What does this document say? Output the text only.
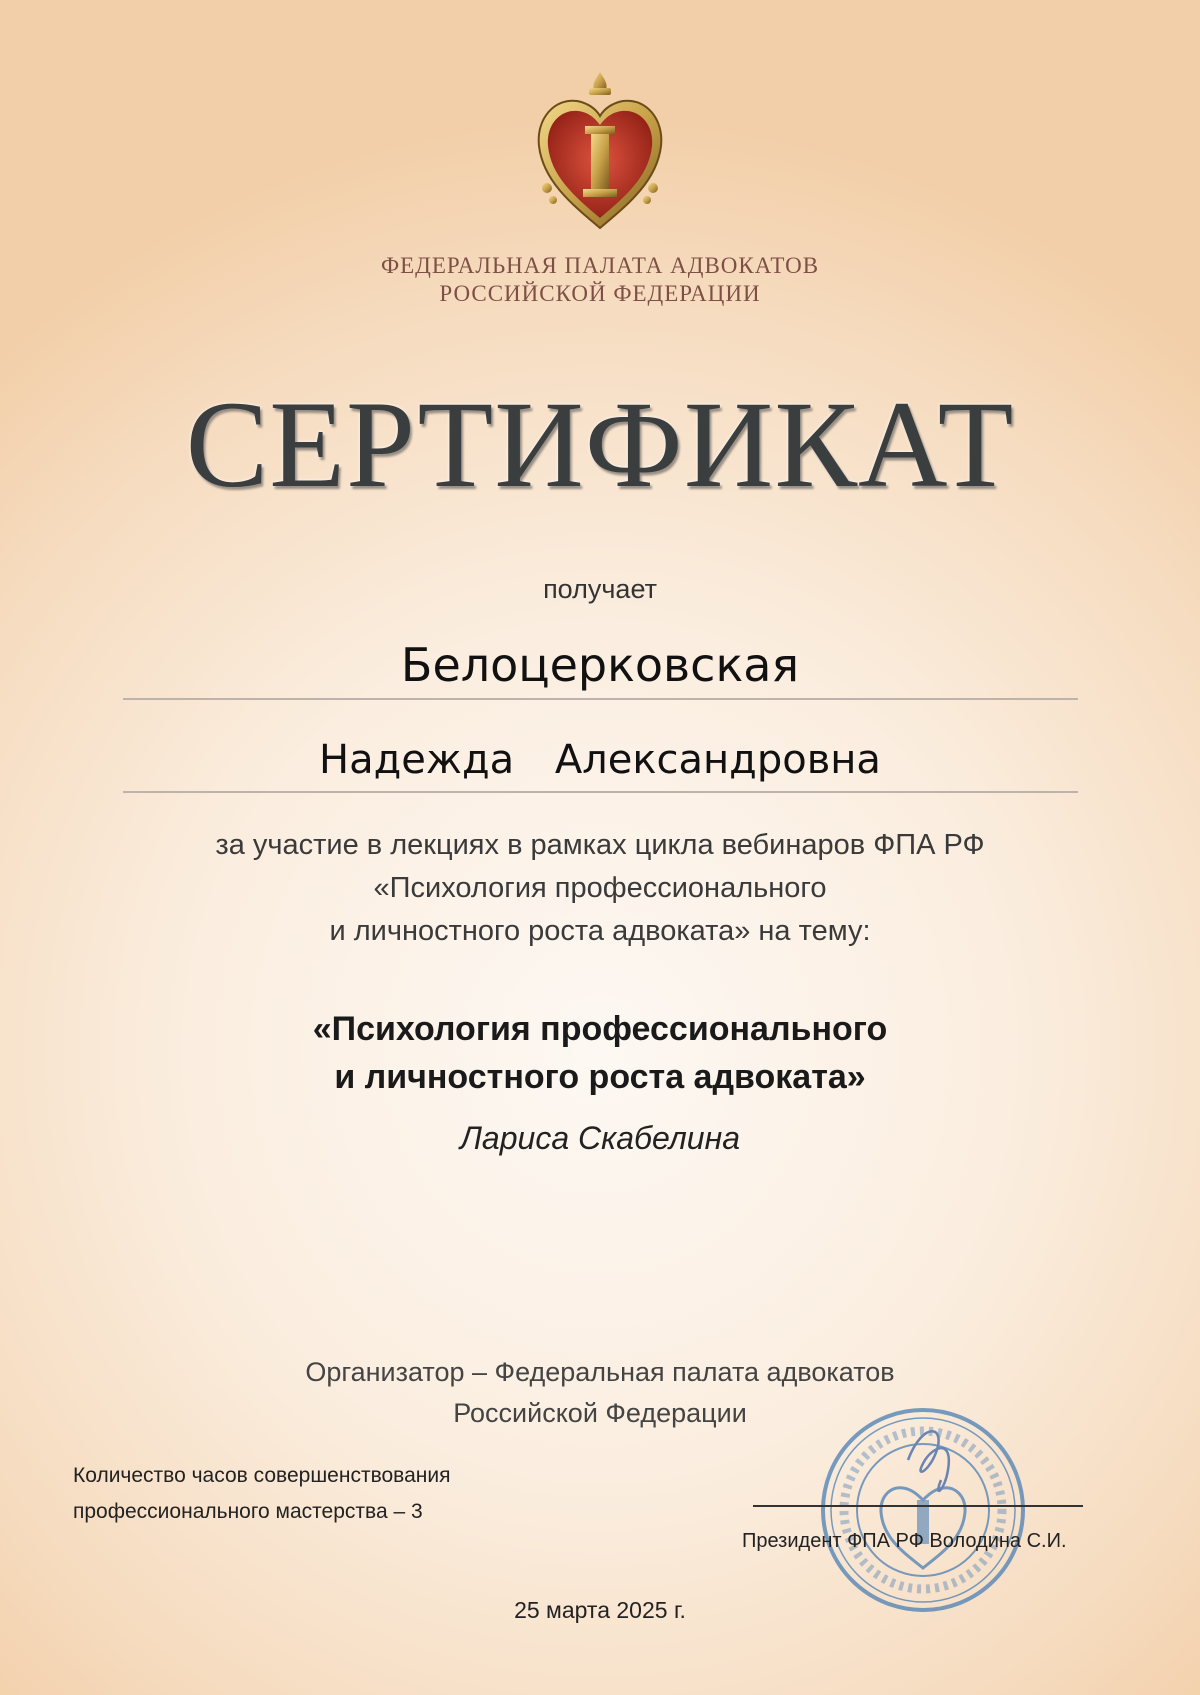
ФЕДЕРАЛЬНАЯ ПАЛАТА АДВОКАТОВ
РОССИЙСКОЙ ФЕДЕРАЦИИ
СЕРТИФИКАТ
получает
Белоцерковская
Надежда Александровна
за участие в лекциях в рамках цикла вебинаров ФПА РФ
«Психология профессионального
и личностного роста адвоката» на тему:
«Психология профессионального
и личностного роста адвоката»
Лариса Скабелина
Организатор – Федеральная палата адвокатов
Российской Федерации
Количество часов совершенствования
профессионального мастерства – 3
Президент ФПА РФ Володина С.И.
25 марта 2025 г.
